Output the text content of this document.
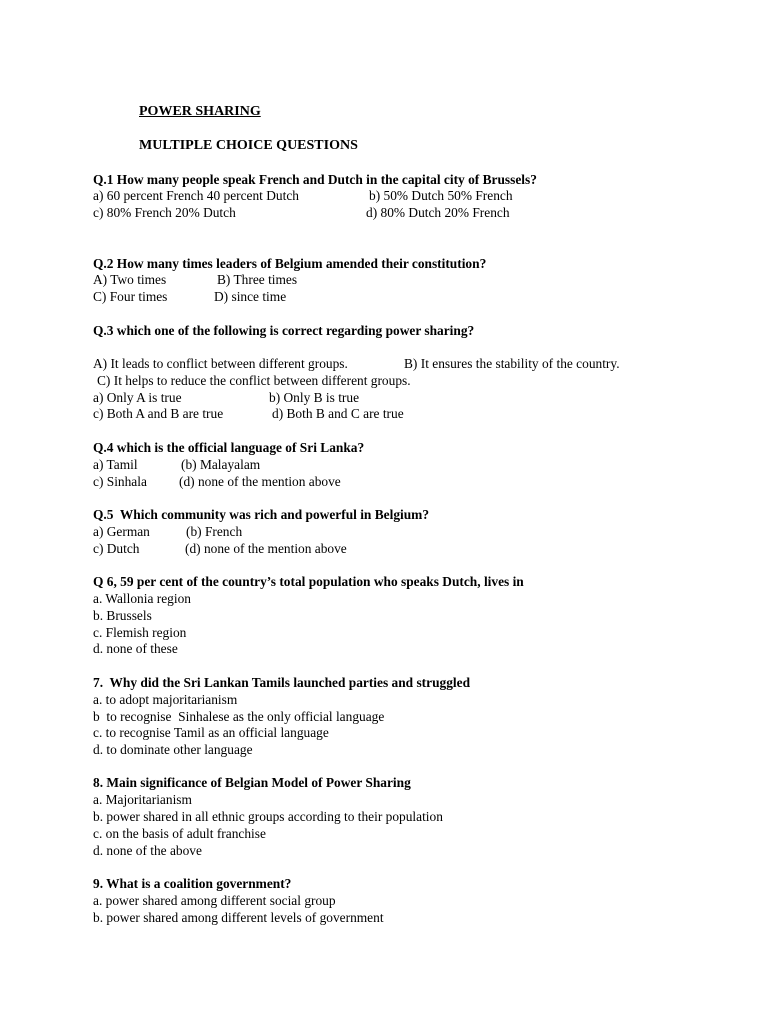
POWER SHARING
MULTIPLE CHOICE QUESTIONS
Q.1 How many people speak French and Dutch in the capital city of Brussels?
a) 60 percent French 40 percent Dutch	b) 50% Dutch 50% French
c) 80% French 20% Dutch	d) 80% Dutch 20% French
Q.2 How many times leaders of Belgium amended their constitution?
A) Two times	B) Three times
C) Four times	D) since time
Q.3 which one of the following is correct regarding power sharing?
A) It leads to conflict between different groups.	B) It ensures the stability of the country.
C) It helps to reduce the conflict between different groups.
a) Only A is true	b) Only B is true
c) Both A and B are true	d) Both B and C are true
Q.4 which is the official language of Sri Lanka?
a) Tamil	(b) Malayalam
c) Sinhala (d) none of the mention above
Q.5  Which community was rich and powerful in Belgium?
a) German	(b) French
c) Dutch	(d) none of the mention above
Q 6, 59 per cent of the country’s total population who speaks Dutch, lives in
a. Wallonia region
b. Brussels
c. Flemish region
d. none of these
7.  Why did the Sri Lankan Tamils launched parties and struggled
a. to adopt majoritarianism
b  to recognise  Sinhalese as the only official language
c. to recognise Tamil as an official language
d. to dominate other language
8. Main significance of Belgian Model of Power Sharing
a. Majoritarianism
b. power shared in all ethnic groups according to their population
c. on the basis of adult franchise
d. none of the above
9. What is a coalition government?
a. power shared among different social group
b. power shared among different levels of government
